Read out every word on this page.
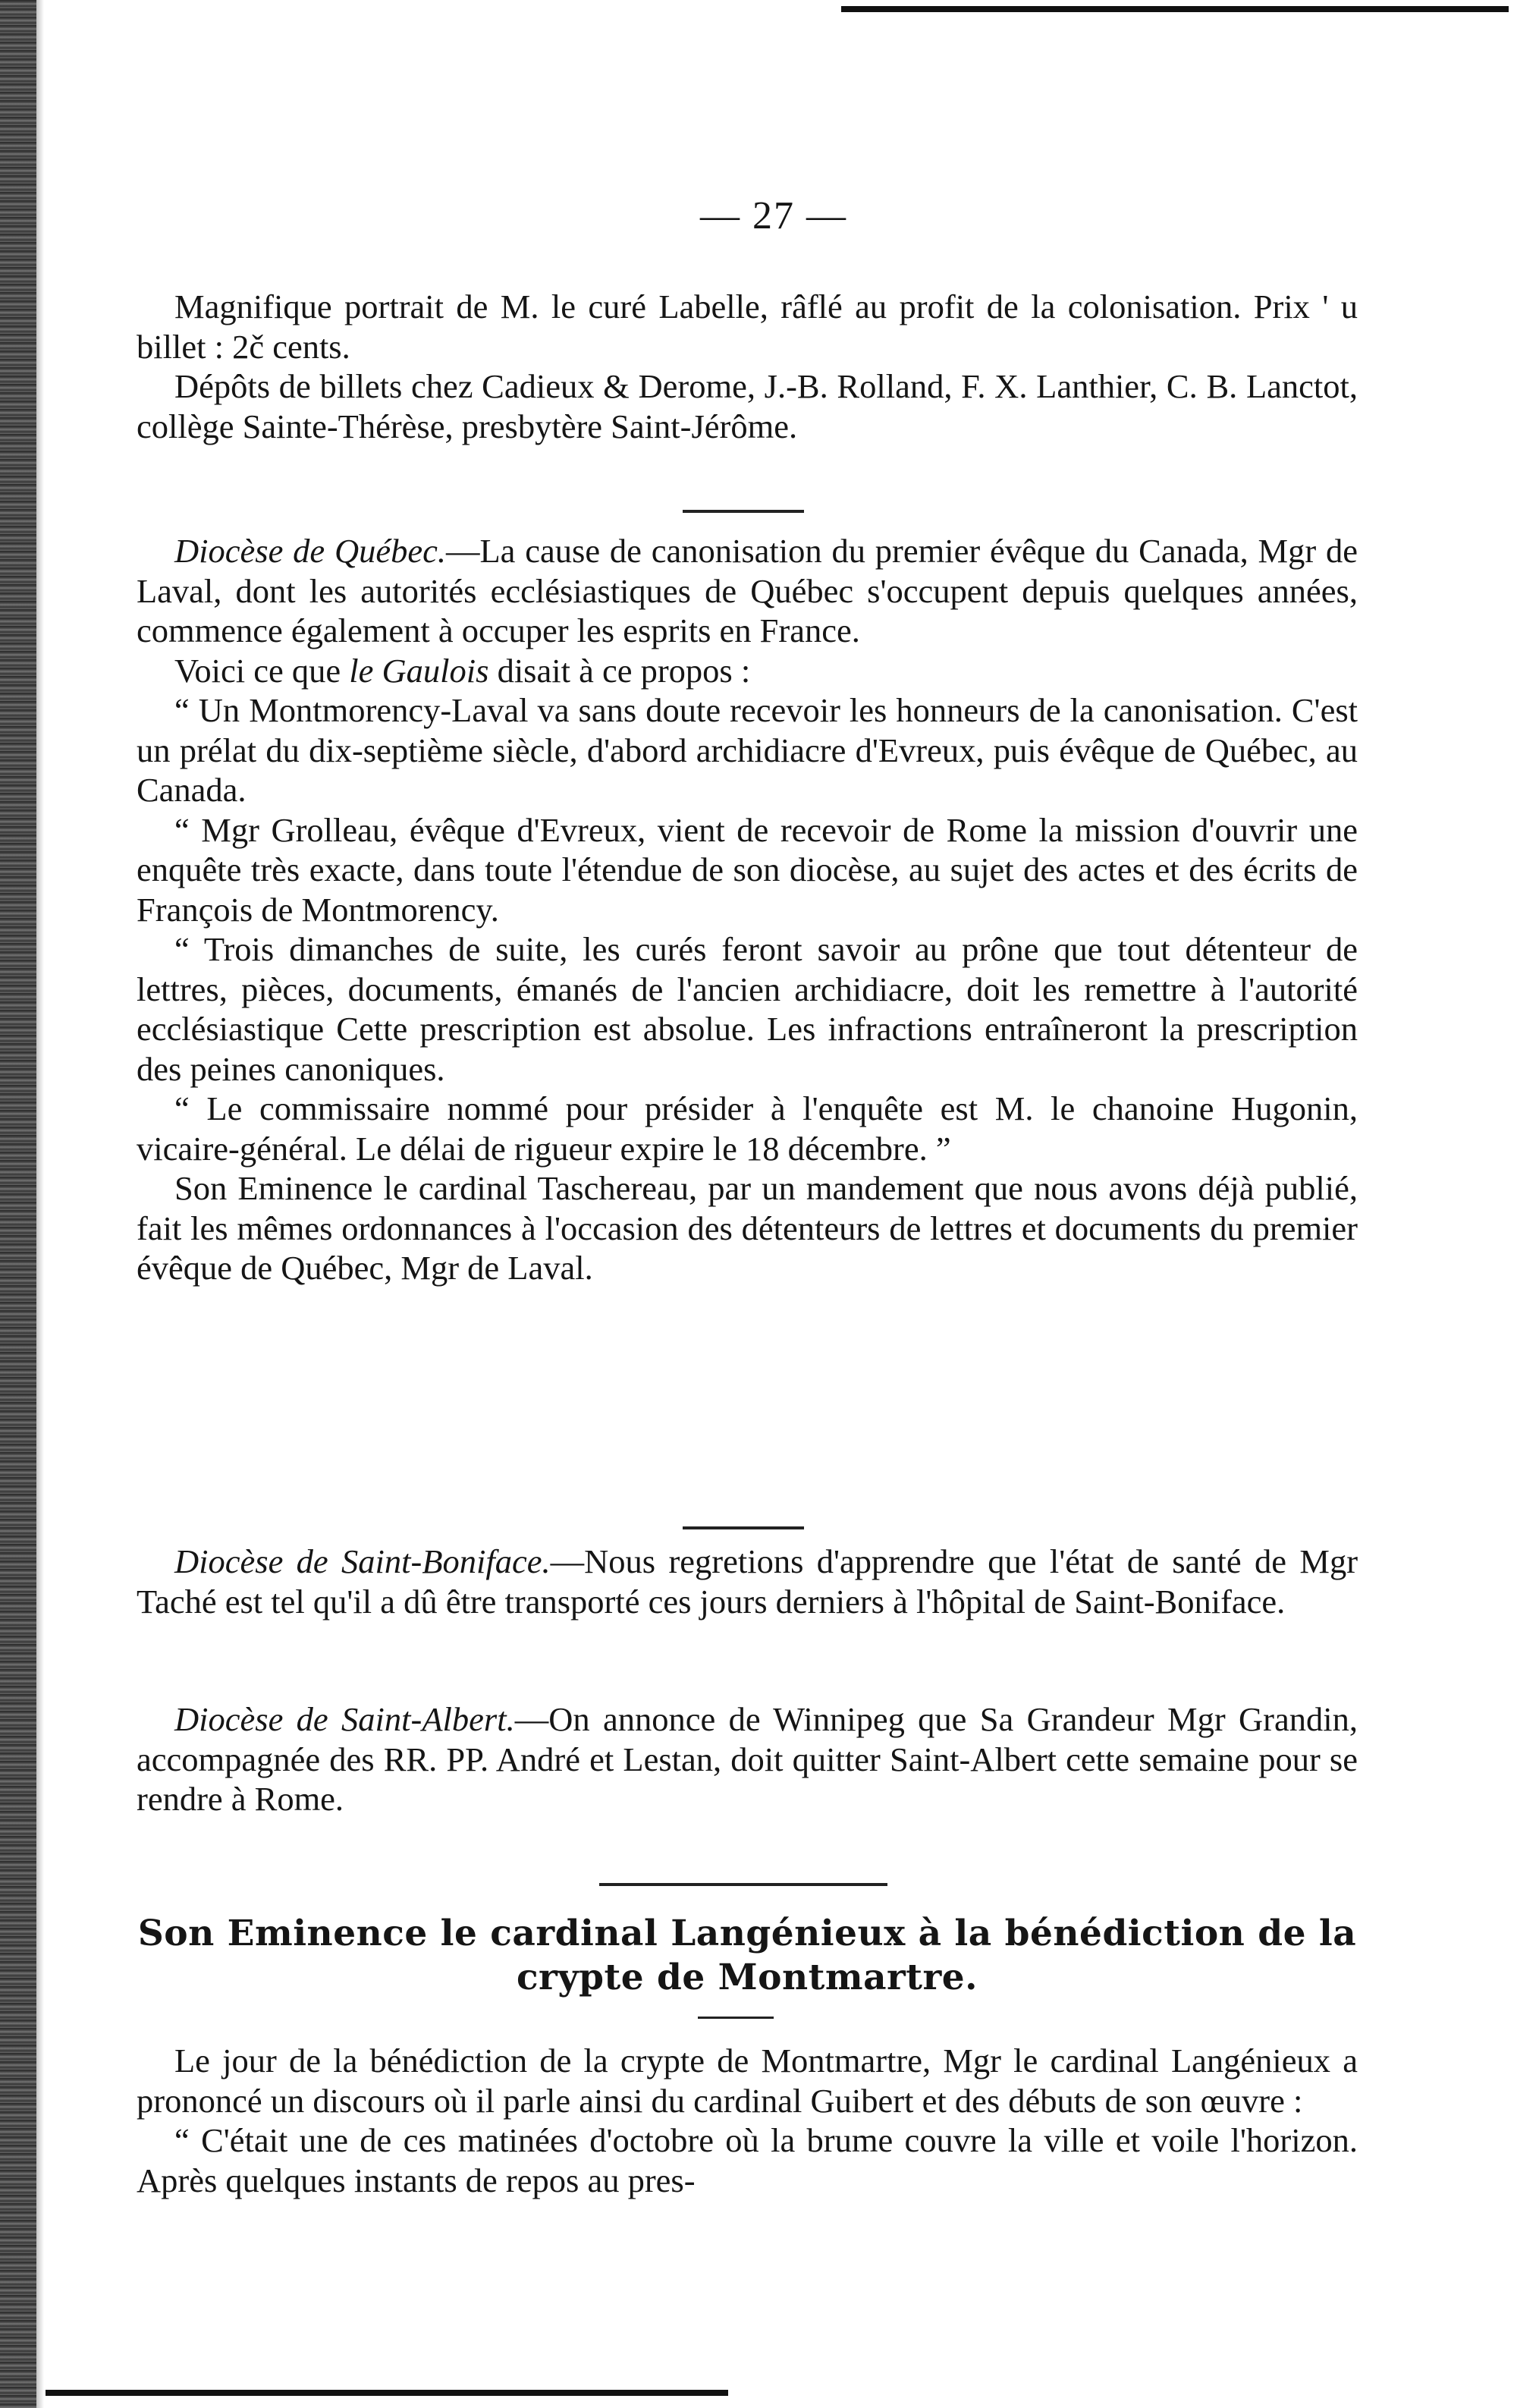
— 27 —

Magnifique portrait de M. le curé Labelle, râflé au profit de la colonisation. Prix ' u billet : 2č cents.

Dépôts de billets chez Cadieux & Derome, J.-B. Rolland, F. X. Lanthier, C. B. Lanctot, collège Sainte-Thérèse, presbytère Saint-Jérôme.

Diocèse de Québec.—La cause de canonisation du premier évêque du Canada, Mgr de Laval, dont les autorités ecclésiastiques de Québec s'occupent depuis quelques années, commence également à occuper les esprits en France.

Voici ce que le Gaulois disait à ce propos :

“ Un Montmorency-Laval va sans doute recevoir les honneurs de la canonisation. C'est un prélat du dix-septième siècle, d'abord archidiacre d'Evreux, puis évêque de Québec, au Canada.

“ Mgr Grolleau, évêque d'Evreux, vient de recevoir de Rome la mission d'ouvrir une enquête très exacte, dans toute l'étendue de son diocèse, au sujet des actes et des écrits de François de Montmorency.

“ Trois dimanches de suite, les curés feront savoir au prône que tout détenteur de lettres, pièces, documents, émanés de l'ancien archidiacre, doit les remettre à l'autorité ecclésiastique Cette prescription est absolue. Les infractions entraîneront la prescription des peines canoniques.

“ Le commissaire nommé pour présider à l'enquête est M. le chanoine Hugonin, vicaire-général. Le délai de rigueur expire le 18 décembre. ”

Son Eminence le cardinal Taschereau, par un mandement que nous avons déjà publié, fait les mêmes ordonnances à l'occasion des détenteurs de lettres et documents du premier évêque de Québec, Mgr de Laval.

Diocèse de Saint-Boniface.—Nous regretions d'apprendre que l'état de santé de Mgr Taché est tel qu'il a dû être transporté ces jours derniers à l'hôpital de Saint-Boniface.

Diocèse de Saint-Albert.—On annonce de Winnipeg que Sa Grandeur Mgr Grandin, accompagnée des RR. PP. André et Lestan, doit quitter Saint-Albert cette semaine pour se rendre à Rome.

Son Eminence le cardinal Langénieux à la bénédiction de la crypte de Montmartre.

Le jour de la bénédiction de la crypte de Montmartre, Mgr le cardinal Langénieux a prononcé un discours où il parle ainsi du cardinal Guibert et des débuts de son œuvre :

“ C'était une de ces matinées d'octobre où la brume couvre la ville et voile l'horizon. Après quelques instants de repos au pres-
